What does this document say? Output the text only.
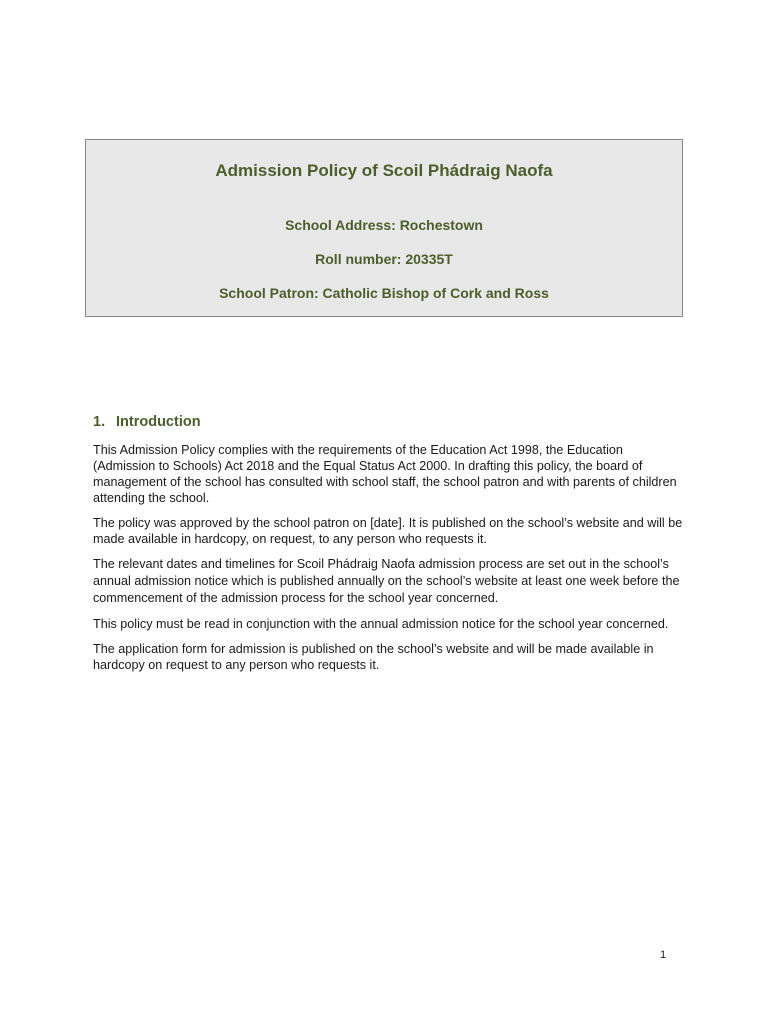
Admission Policy of Scoil Phádraig Naofa

School Address: Rochestown

Roll number: 20335T

School Patron: Catholic Bishop of Cork and Ross

1. Introduction

This Admission Policy complies with the requirements of the Education Act 1998, the Education (Admission to Schools) Act 2018 and the Equal Status Act 2000. In drafting this policy, the board of management of the school has consulted with school staff, the school patron and with parents of children attending the school.

The policy was approved by the school patron on [date]. It is published on the school’s website and will be made available in hardcopy, on request, to any person who requests it.

The relevant dates and timelines for Scoil Phádraig Naofa admission process are set out in the school’s annual admission notice which is published annually on the school’s website at least one week before the commencement of the admission process for the school year concerned.

This policy must be read in conjunction with the annual admission notice for the school year concerned.

The application form for admission is published on the school’s website and will be made available in hardcopy on request to any person who requests it.

1
